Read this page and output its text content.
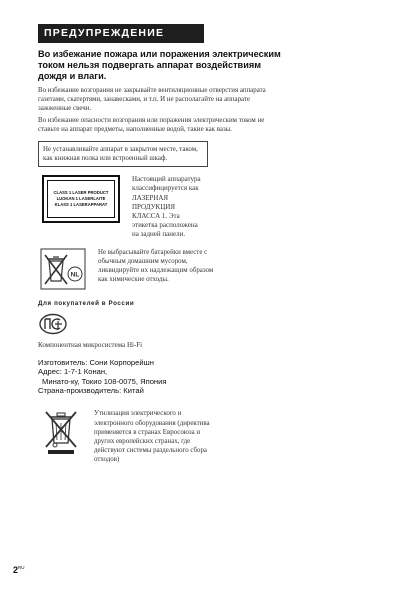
ПРЕДУПРЕЖДЕНИЕ
Во избежание пожара или поражения электрическим током нельзя подвергать аппарат воздействиям дождя и влаги.
Во избежание возгорания не закрывайте вентиляционные отверстия аппарата газетами, скатертями, занавесками, и т.п. И не располагайте на аппарате зажженные свечи.
Во избежание опасности возгорания или поражения электрическим током не ставьте на аппарат предметы, наполненные водой, такие как вазы.
Не устанавливайте аппарат в закрытом месте, таком, как книжная полка или встроенный шкаф.
CLASS 1 LASER PRODUCT
LUOKAN 1 LASERLAITE
KLASS 1 LASERAPPARAT
Настоящий аппаратура классифицируется как ЛАЗЕРНАЯ ПРОДУКЦИЯ КЛАССА 1. Эта этикетка расположена на задней панели.
NL
Не выбрасывайте батарейки вместе с обычным домашним мусором, ликвидируйте их надлежащим образом как химические отходы.
Для покупателей в России
Компонентная микросистема Hi-Fi
Изготовитель: Сони Корпорейшн
Адрес: 1-7-1 Конан,
Минато-ку, Токио 108-0075, Япония
Страна-производитель: Китай
Утилизация электрического и электронного оборудования (директива применяется в странах Евросоюза и других европейских странах, где действуют системы раздельного сбора отходов)
$2^{RU}$
